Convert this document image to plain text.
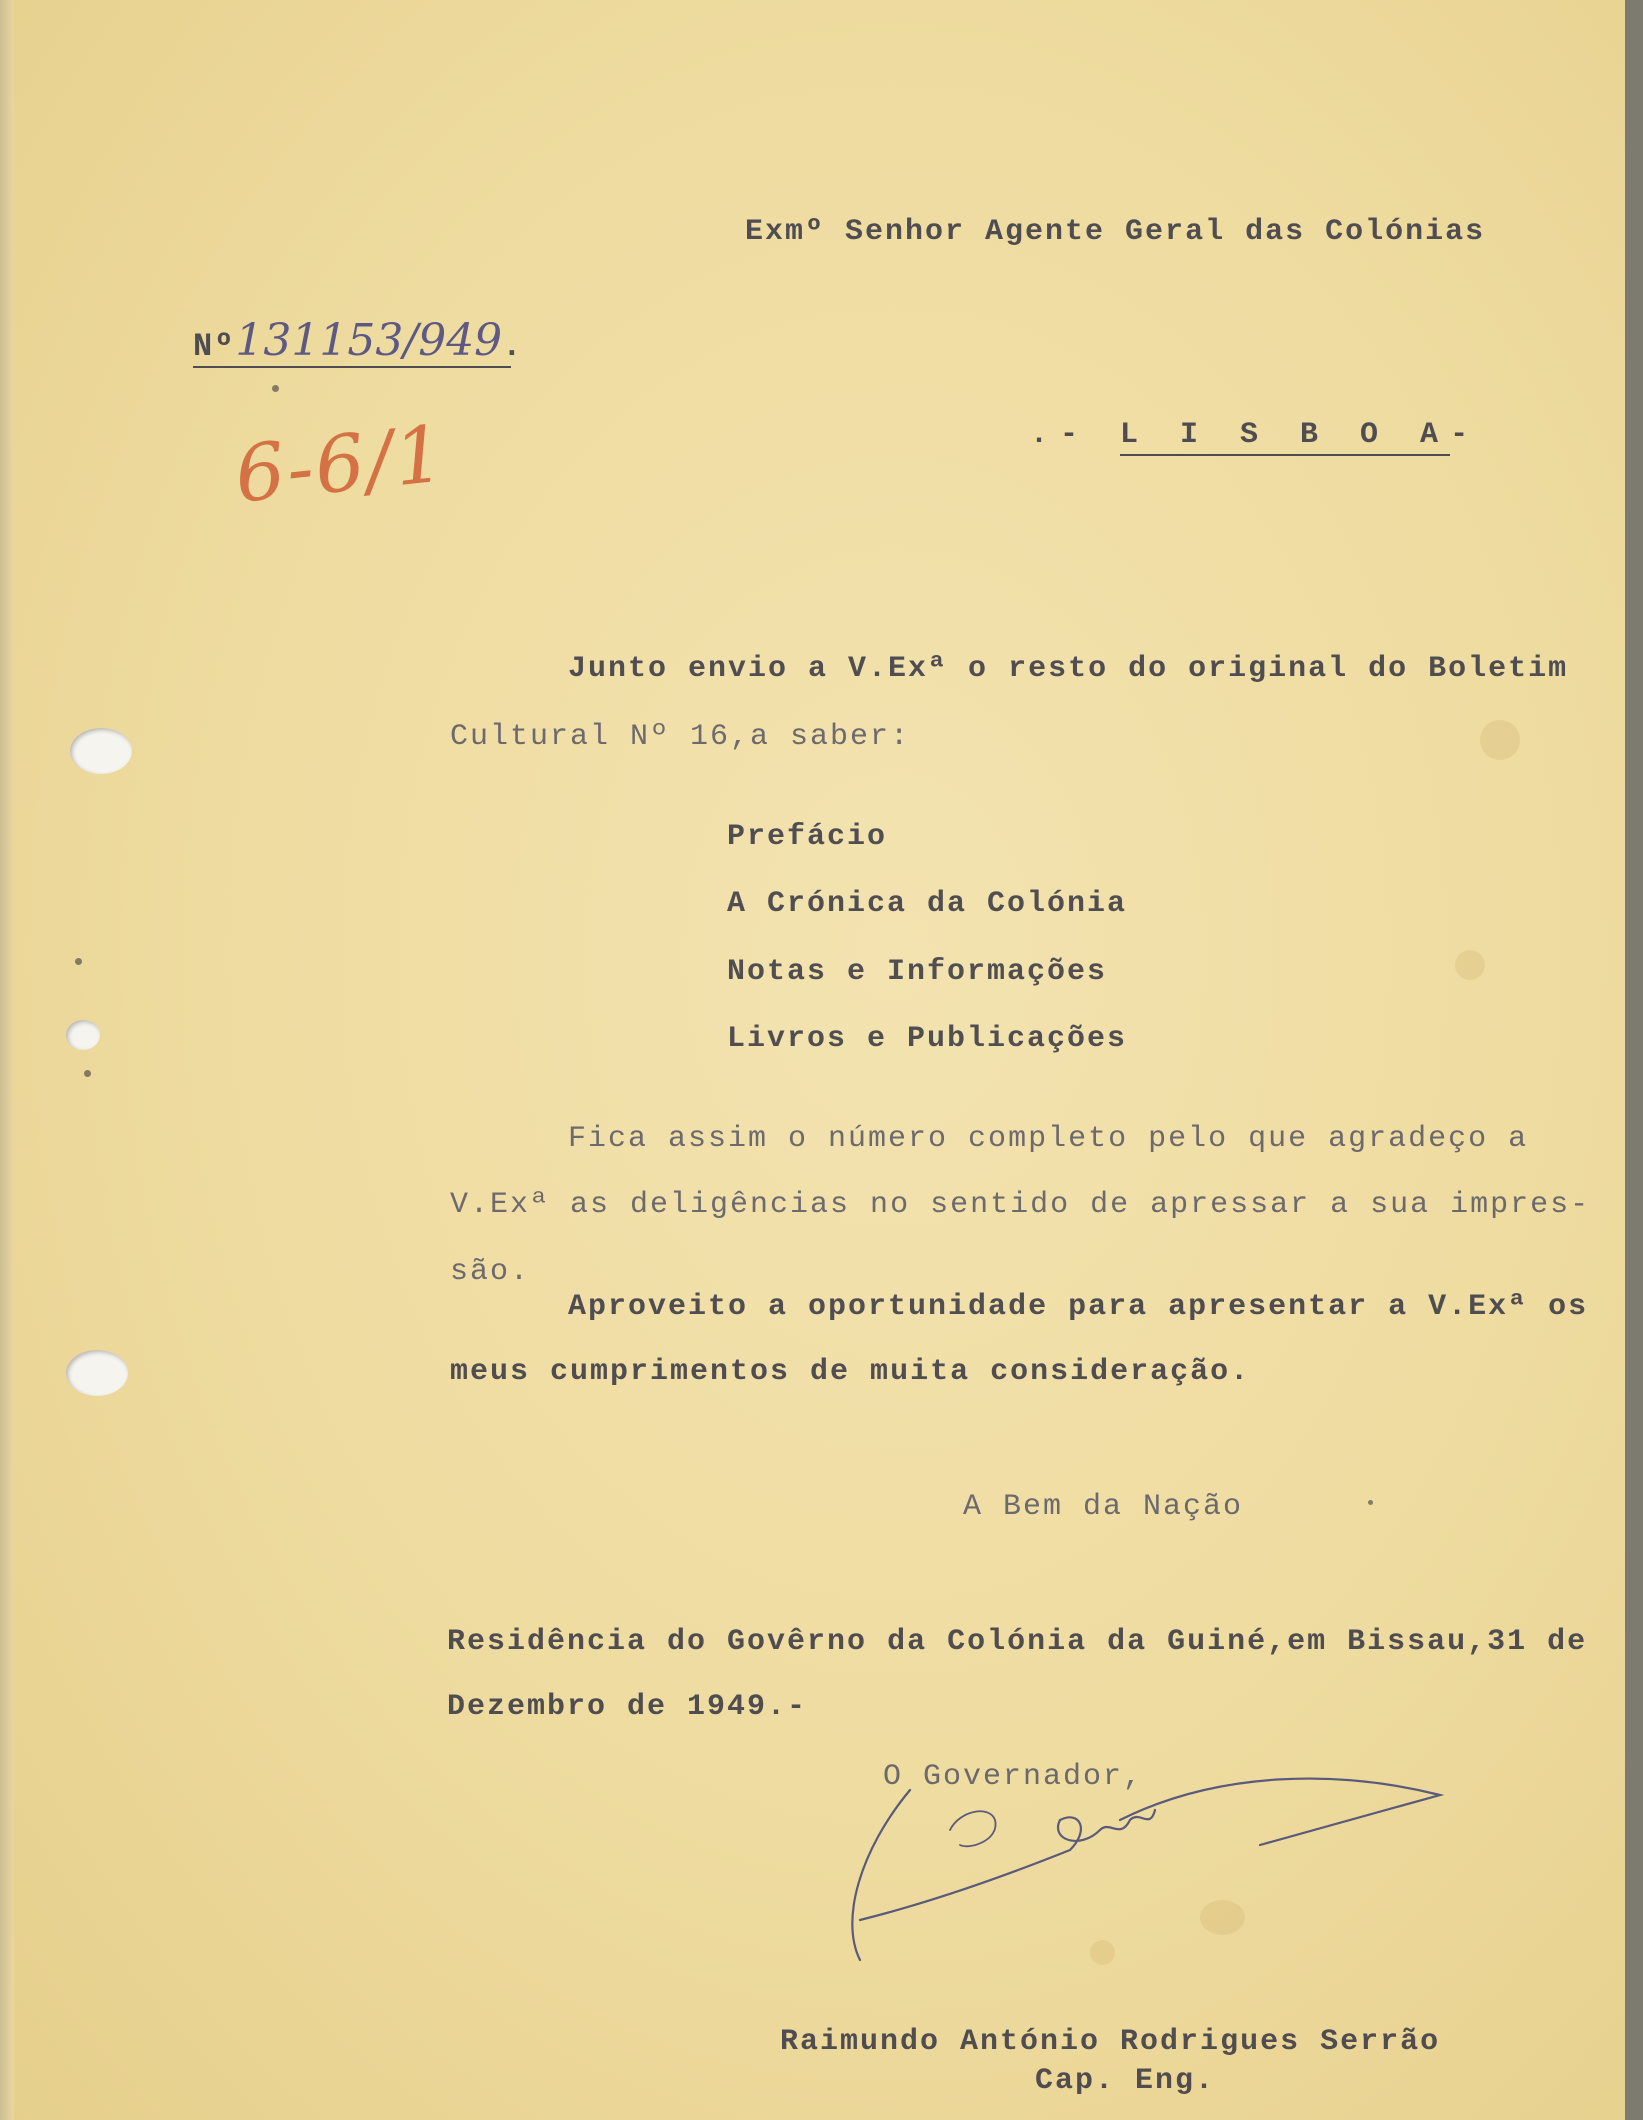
Exmº Senhor Agente Geral das Colónias
Nº131153/949.
6-6/1	.- L I S B O A-
Junto envio a V.Exª o resto do original do Boletim
Cultural Nº 16,a saber:
Prefácio
A Crónica da Colónia
Notas e Informações
Livros e Publicações
Fica assim o número completo pelo que agradeço a
V.Exª as deligências no sentido de apressar a sua impres-
são.
Aproveito a oportunidade para apresentar a V.Exª os
meus cumprimentos de muita consideração.
A Bem da Nação
Residência do Govêrno da Colónia da Guiné,em Bissau,31 de
Dezembro de 1949.-
O Governador,
Raimundo António Rodrigues Serrão
Cap. Eng.
